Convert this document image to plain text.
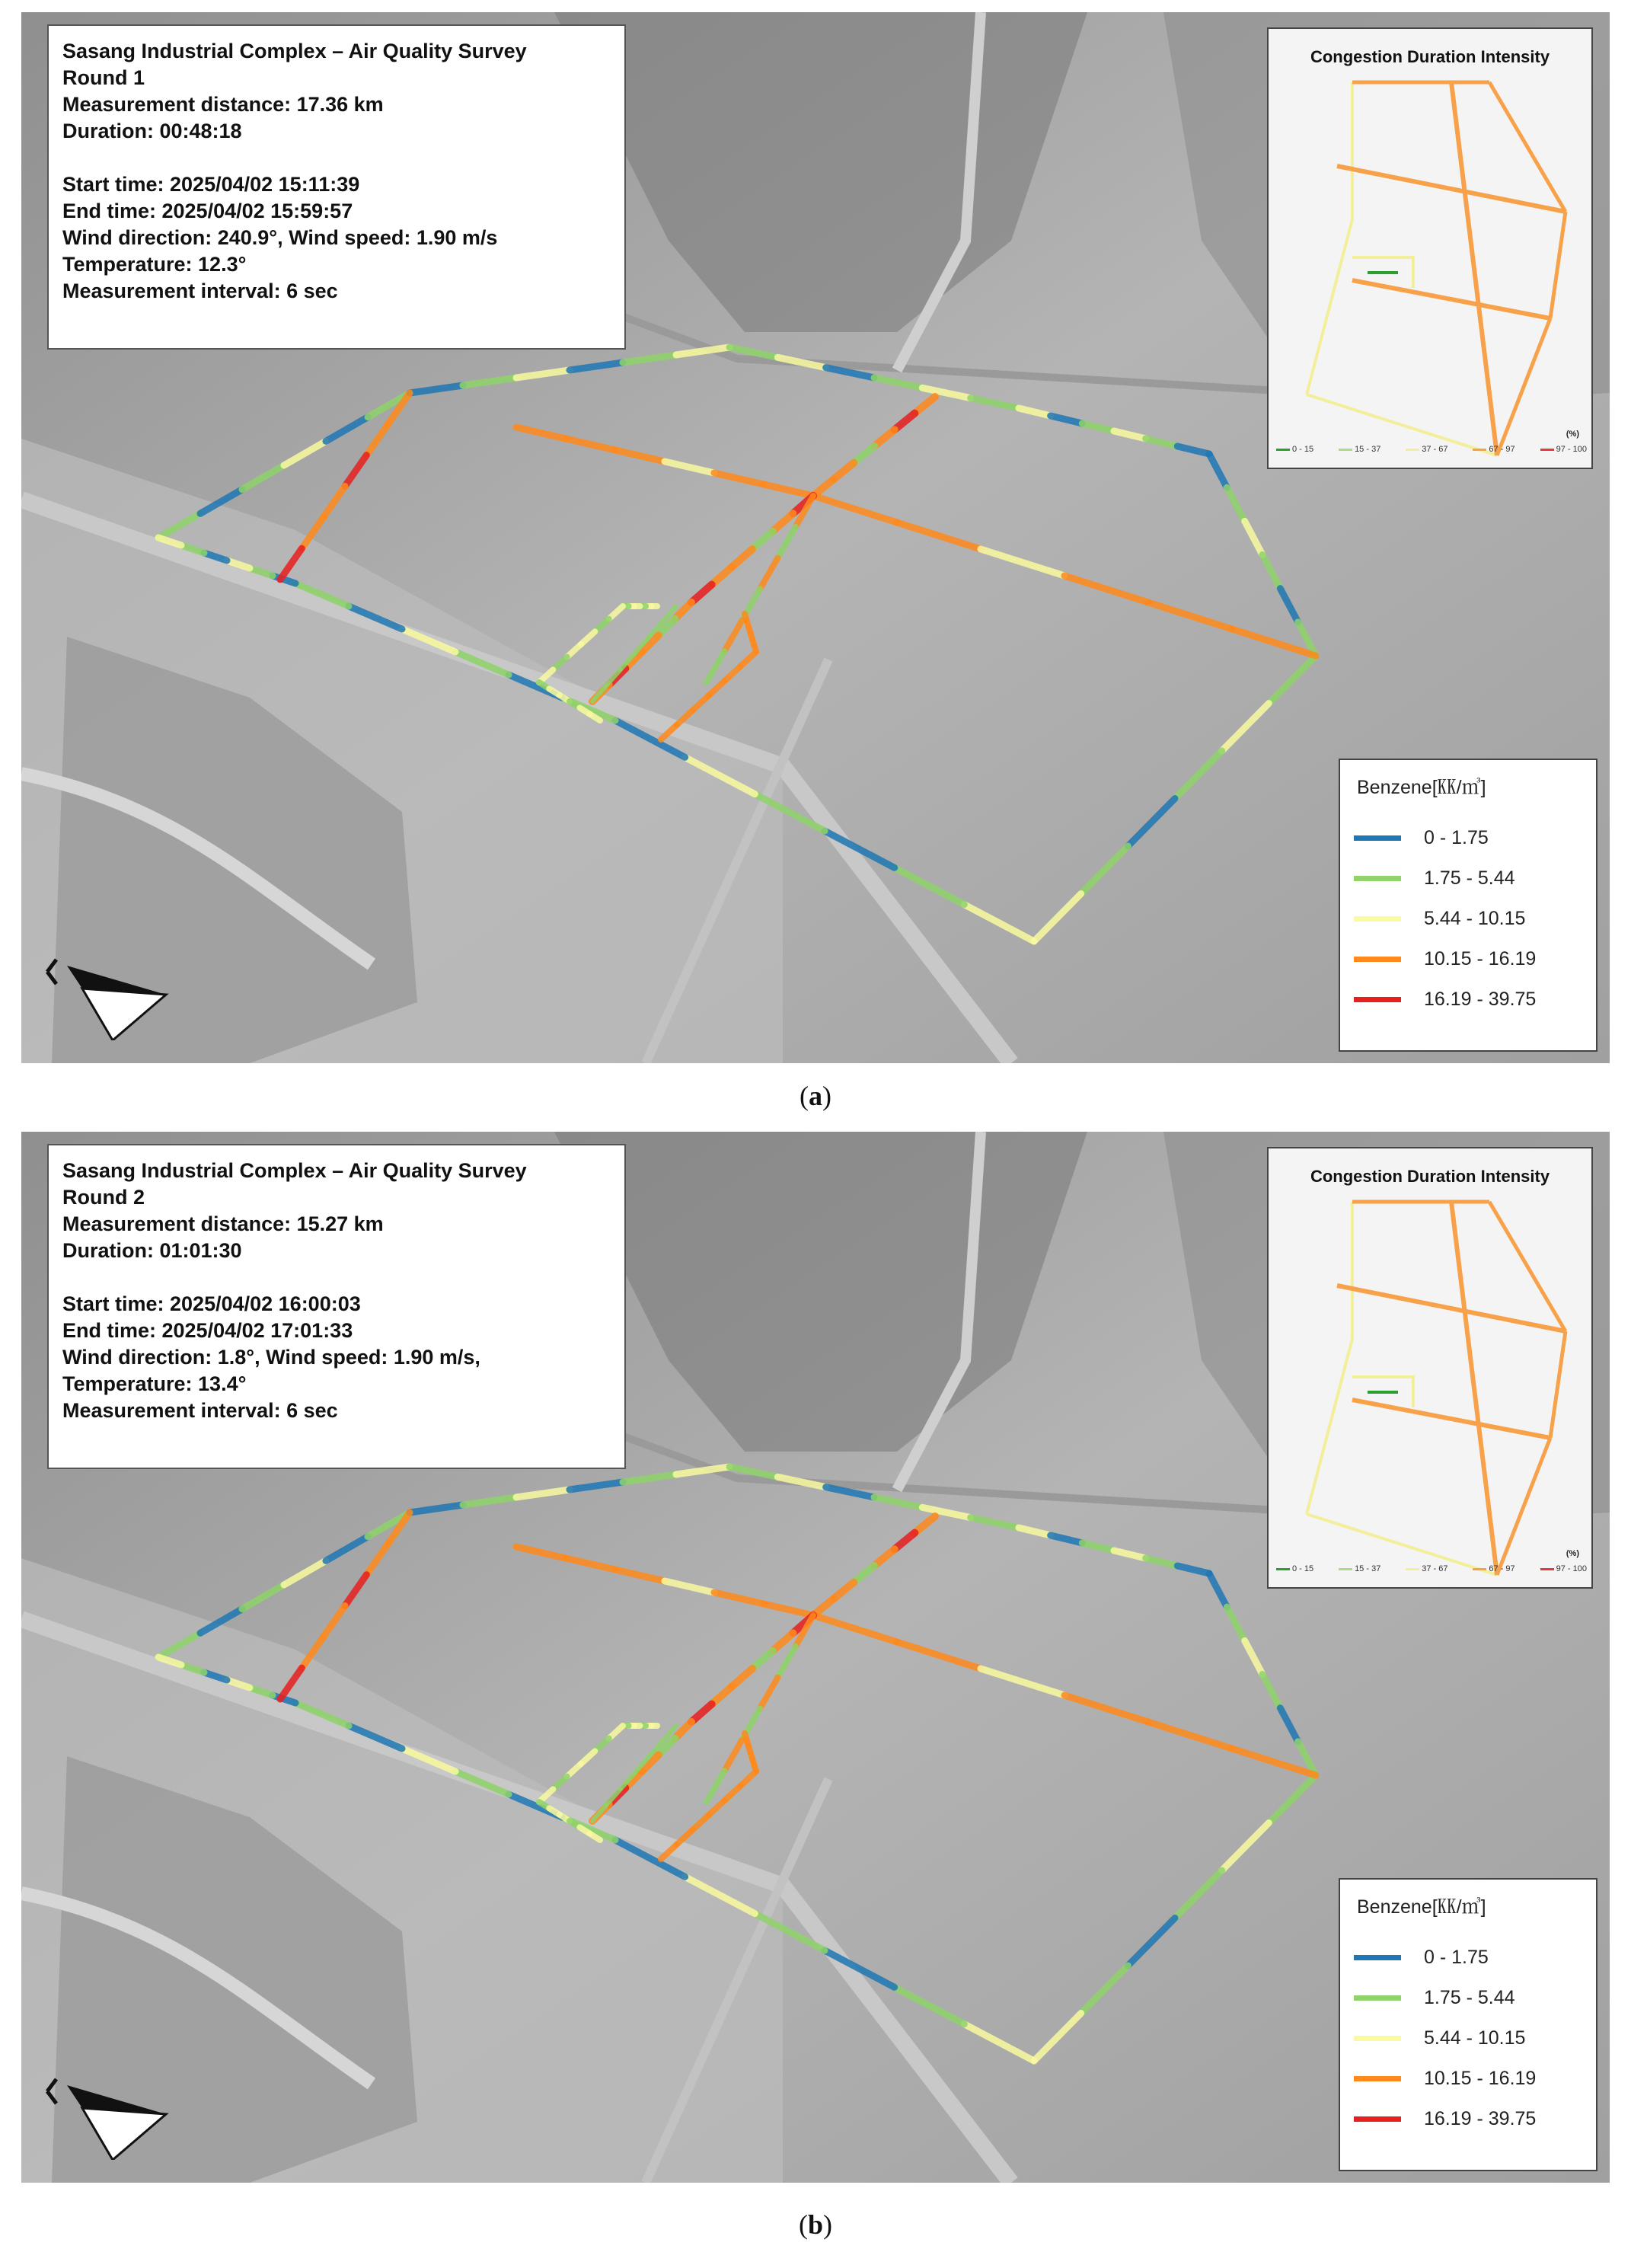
Sasang Industrial Complex – Air Quality Survey
Round 1
Measurement distance: 17.36 km
Duration: 00:48:18
Start time: 2025/04/02 15:11:39
End time: 2025/04/02 15:59:57
Wind direction: 240.9°, Wind speed: 1.90 m/s
Temperature: 12.3°
Measurement interval: 6 sec
Congestion Duration Intensity
(%)
0 - 15	15 - 37	37 - 67	67 - 97	97 - 100
Benzene[㏍/㎥]
0 - 1.75
1.75 - 5.44
5.44 - 10.15
10.15 - 16.19
16.19 - 39.75
(a)
Sasang Industrial Complex – Air Quality Survey
Round 2
Measurement distance: 15.27 km
Duration: 01:01:30
Start time: 2025/04/02 16:00:03
End time: 2025/04/02 17:01:33
Wind direction: 1.8°, Wind speed: 1.90 m/s,
Temperature: 13.4°
Measurement interval: 6 sec
Congestion Duration Intensity
(%)
0 - 15	15 - 37	37 - 67	67 - 97	97 - 100
Benzene[㏍/㎥]
0 - 1.75
1.75 - 5.44
5.44 - 10.15
10.15 - 16.19
16.19 - 39.75
(b)
